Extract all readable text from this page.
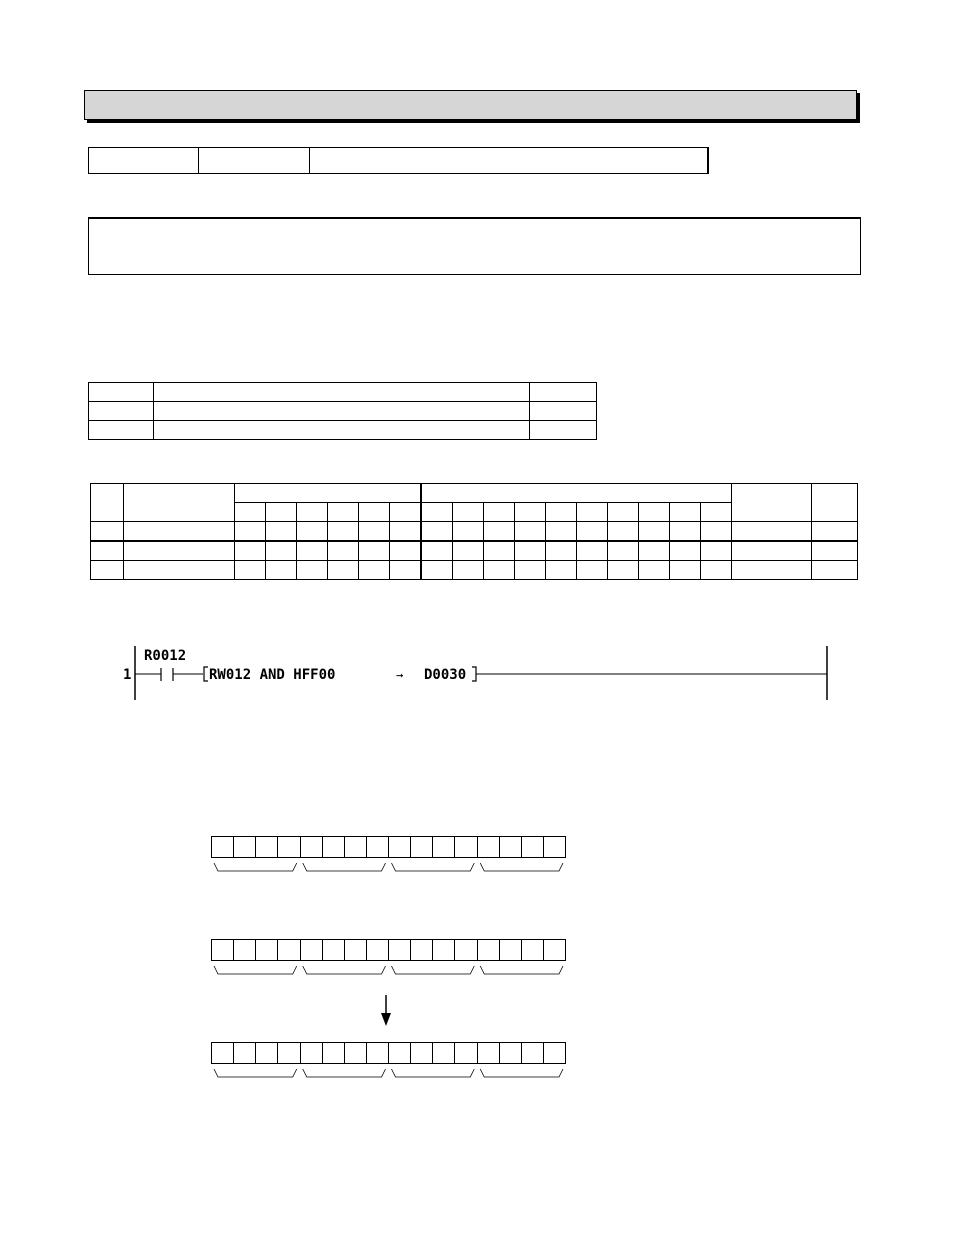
1
R0012
RW012 AND HFF00	→ D0030
